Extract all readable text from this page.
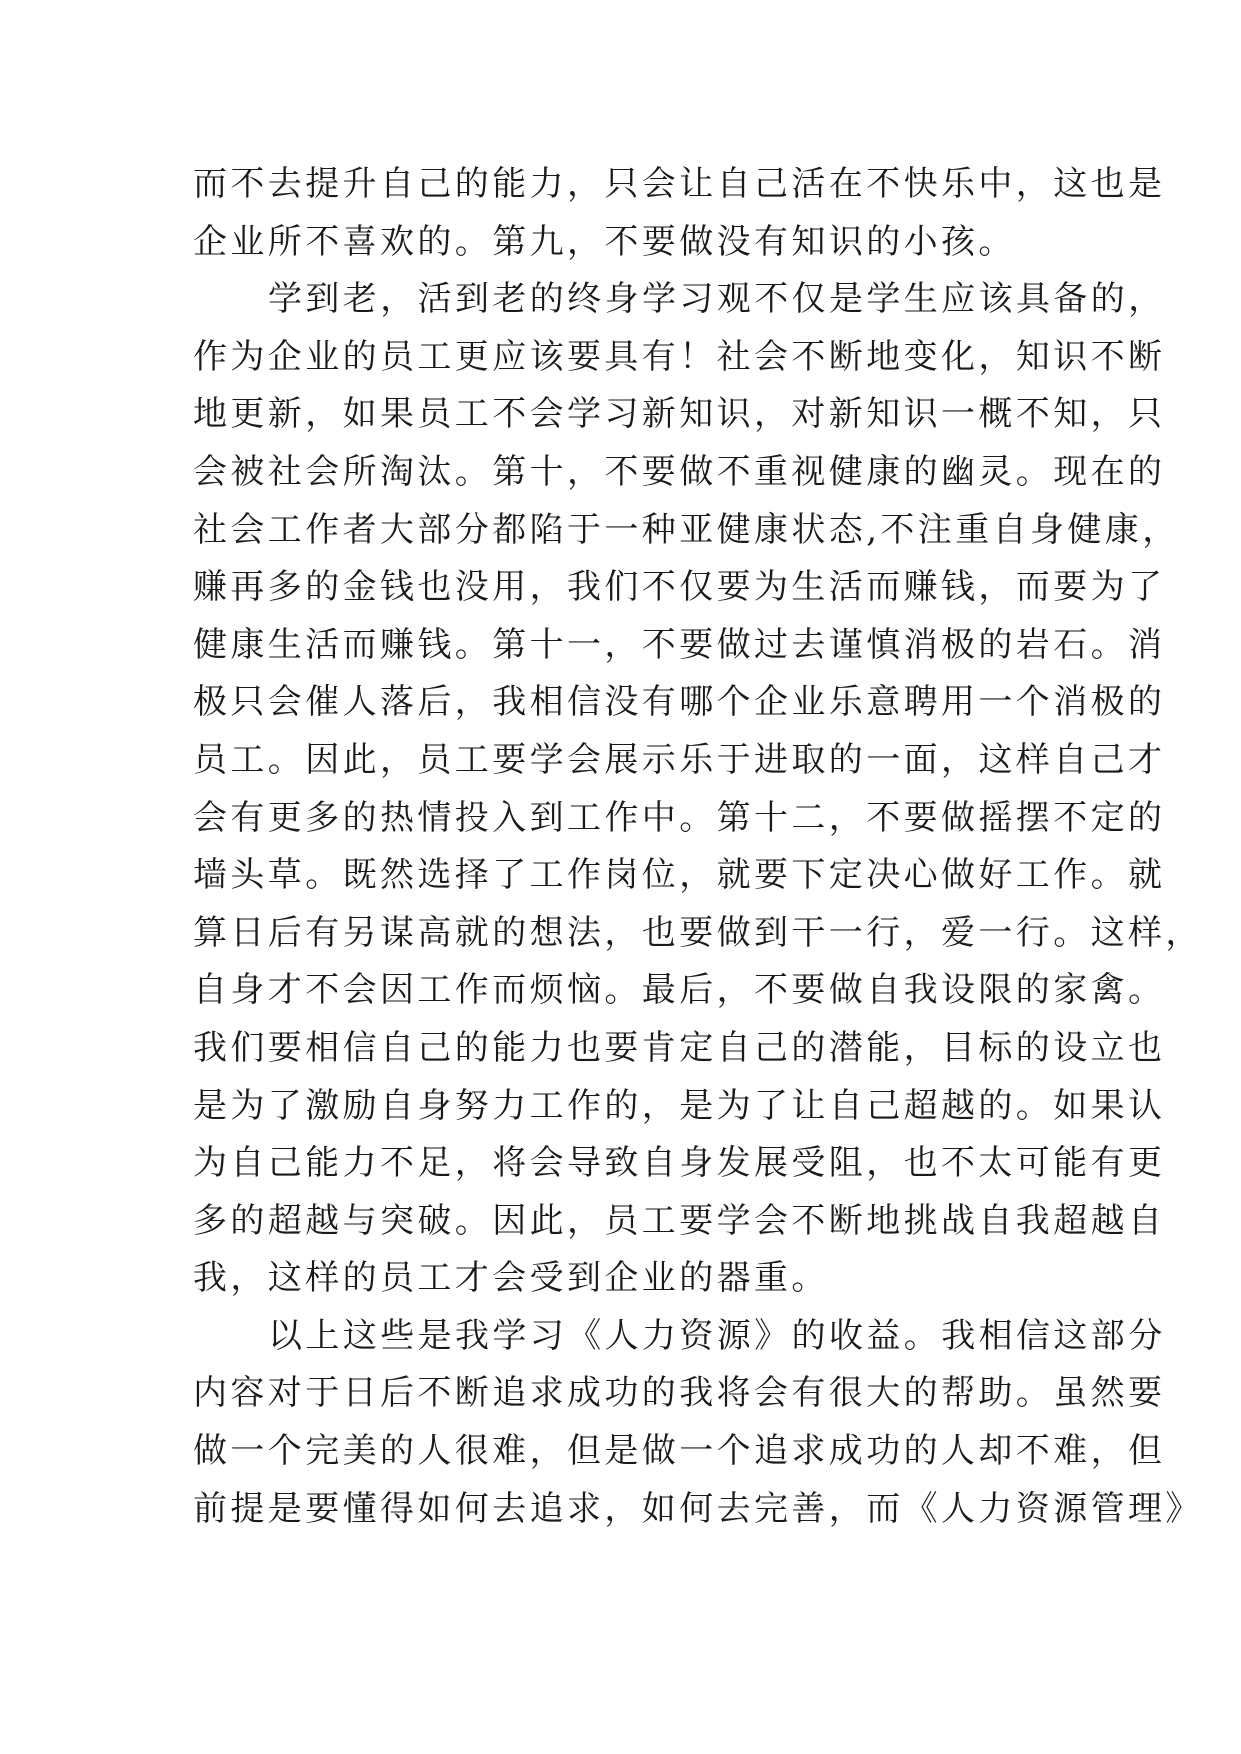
而不去提升自己的能力，只会让自己活在不快乐中，这也是
企业所不喜欢的。第九，不要做没有知识的小孩。
学到老，活到老的终身学习观不仅是学生应该具备的，
作为企业的员工更应该要具有！社会不断地变化，知识不断
地更新，如果员工不会学习新知识，对新知识一概不知，只
会被社会所淘汰。第十，不要做不重视健康的幽灵。现在的
社会工作者大部分都陷于一种亚健康状态,不注重自身健康，
赚再多的金钱也没用，我们不仅要为生活而赚钱，而要为了
健康生活而赚钱。第十一，不要做过去谨慎消极的岩石。消
极只会催人落后，我相信没有哪个企业乐意聘用一个消极的
员工。因此，员工要学会展示乐于进取的一面，这样自己才
会有更多的热情投入到工作中。第十二，不要做摇摆不定的
墙头草。既然选择了工作岗位，就要下定决心做好工作。就
算日后有另谋高就的想法，也要做到干一行，爱一行。这样，
自身才不会因工作而烦恼。最后，不要做自我设限的家禽。
我们要相信自己的能力也要肯定自己的潜能，目标的设立也
是为了激励自身努力工作的，是为了让自己超越的。如果认
为自己能力不足，将会导致自身发展受阻，也不太可能有更
多的超越与突破。因此，员工要学会不断地挑战自我超越自
我，这样的员工才会受到企业的器重。
以上这些是我学习《人力资源》的收益。我相信这部分
内容对于日后不断追求成功的我将会有很大的帮助。虽然要
做一个完美的人很难，但是做一个追求成功的人却不难，但
前提是要懂得如何去追求，如何去完善，而《人力资源管理》
